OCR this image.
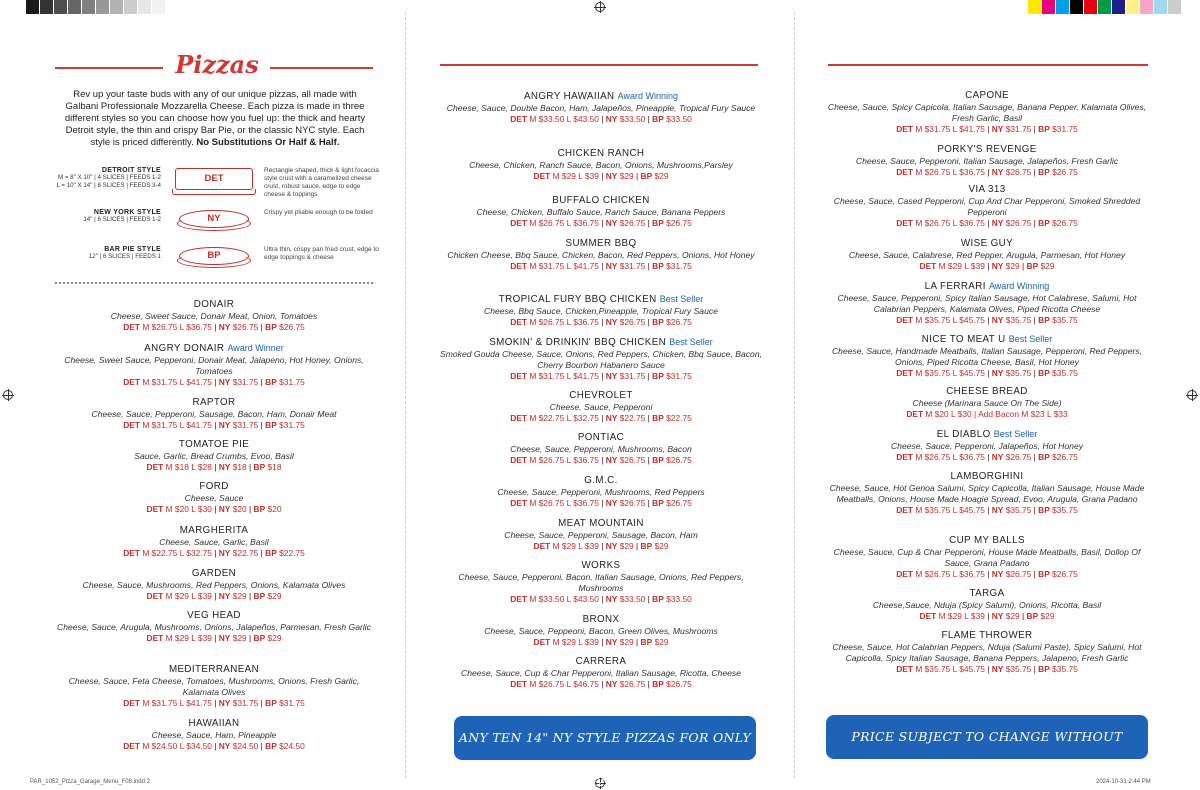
Pizzas
Rev up your taste buds with any of our unique pizzas, all made with Galbani Professionale Mozzarella Cheese. Each pizza is made in three different styles so you can choose how you fuel up: the thick and hearty Detroit style, the thin and crispy Bar Pie, or the classic NYC style. Each style is priced differently. No Substitutions Or Half & Half.
DETROIT STYLE
M = 8" X 10" | 4 SLICES | FEEDS 1-2
L = 10" X 14" | 8 SLICES | FEEDS 3-4
DET
Rectangle shaped, thick & light focaccia style crust with a caramelized cheese crust, robust sauce, edge to edge cheese & toppings
NEW YORK STYLE
14" | 6 SLICES | FEEDS 1-2	NY
Crispy yet pliable enough to be folded
BAR PIE STYLE
12" | 6 SLICES | FEEDS 1	BP
Ultra thin, crispy pan fried crust, edge to edge toppings & cheese
DONAIR
Cheese, Sweet Sauce, Donair Meat, Onion, Tomatoes
DET M $26.75 L $36.75 | NY $26.75 | BP $26.75
ANGRY DONAIR Award Winner
Cheese, Sweet Sauce, Pepperoni, Donair Meat, Jalapeno, Hot Honey, Onions, Tomatoes
DET M $31.75 L $41.75 | NY $31.75 | BP $31.75
RAPTOR
Cheese, Sauce, Pepperoni, Sausage, Bacon, Ham, Donair Meat
DET M $31.75 L $41.75 | NY $31.75 | BP $31.75
TOMATOE PIE
Sauce, Garlic, Bread Crumbs, Evoo, Basil
DET M $18 L $28 | NY $18 | BP $18
FORD
Cheese, Sauce
DET M $20 L $30 | NY $20 | BP $20
MARGHERITA
Cheese, Sauce, Garlic, Basil
DET M $22.75 L $32.75 | NY $22.75 | BP $22.75
GARDEN
Cheese, Sauce, Mushrooms, Red Peppers, Onions, Kalamata Olives
DET M $29 L $39 | NY $29 | BP $29
VEG HEAD
Cheese, Sauce, Arugula, Mushrooms, Onions, Jalapeños, Parmesan, Fresh Garlic
DET M $29 L $39 | NY $29 | BP $29
MEDITERRANEAN
Cheese, Sauce, Feta Cheese, Tomatoes, Mushrooms, Onions, Fresh Garlic, Kalamata Olives
DET M $31.75 L $41.75 | NY $31.75 | BP $31.75
HAWAIIAN
Cheese, Sauce, Ham, Pineapple
DET M $24.50 L $34.50 | NY $24.50 | BP $24.50
ANGRY HAWAIIAN Award Winning
Cheese, Sauce, Double Bacon, Ham, Jalapeños, Pineapple, Tropical Fury Sauce
DET M $33.50 L $43.50 | NY $33.50 | BP $33.50
CHICKEN RANCH
Cheese, Chicken, Ranch Sauce, Bacon, Onions, Mushrooms,Parsley
DET M $29 L $39 | NY $29 | BP $29
BUFFALO CHICKEN
Cheese, Chicken, Buffalo Sauce, Ranch Sauce, Banana Peppers
DET M $26.75 L $36.75 | NY $26.75 | BP $26.75
SUMMER BBQ
Chicken Cheese, Bbq Sauce, Chicken, Bacon, Red Peppers, Onions, Hot Honey
DET M $31.75 L $41.75 | NY $31.75 | BP $31.75
TROPICAL FURY BBQ CHICKEN Best Seller
Cheese, Bbq Sauce, Chicken,Pineapple, Tropical Fury Sauce
DET M $26.75 L $36.75 | NY $26.75 | BP $26.75
SMOKIN' & DRINKIN' BBQ CHICKEN Best Seller
Smoked Gouda Cheese, Sauce, Onions, Red Peppers, Chicken, Bbq Sauce, Bacon, Cherry Bourbon Habanero Sauce
DET M $31.75 L $41.75 | NY $31.75 | BP $31.75
CHEVROLET
Cheese, Sauce, Pepperoni
DET M $22.75 L $32.75 | NY $22.75 | BP $22.75
PONTIAC
Cheese, Sauce, Pepperoni, Mushrooms, Bacon
DET M $26.75 L $36.75 | NY $26.75 | BP $26.75
G.M.C.
Cheese, Sauce, Pepperoni, Mushrooms, Red Peppers
DET M $26.75 L $36.75 | NY $26.75 | BP $26.75
MEAT MOUNTAIN
Cheese, Sauce, Pepperoni, Sausage, Bacon, Ham
DET M $29 L $39 | NY $29 | BP $29
WORKS
Cheese, Sauce, Pepperoni, Bacon, Italian Sausage, Onions, Red Peppers, Mushrooms
DET M $33.50 L $43.50 | NY $33.50 | BP $33.50
BRONX
Cheese, Sauce, Peppeoni, Bacon, Green Olives, Mushrooms
DET M $29 L $39 | NY $29 | BP $29
CARRERA
Cheese, Sauce, Cup & Char Pepperoni, Italian Sausage, Ricotta, Cheese
DET M $26.75 L $46.75 | NY $26.75 | BP $26.75
CAPONE
Cheese, Sauce, Spicy Capicola, Italian Sausage, Banana Pepper, Kalamata Olives, Fresh Garlic, Basil
DET M $31.75 L $41.75 | NY $31.75 | BP $31.75
PORKY'S REVENGE
Cheese, Sauce, Pepperoni, Italian Sausage, Jalapeños, Fresh Garlic
DET M $26.75 L $36.75 | NY $26.75 | BP $26.75
VIA 313
Cheese, Sauce, Cased Pepperoni, Cup And Char Pepperoni, Smoked Shredded Pepperoni
DET M $26.75 L $36.75 | NY $26.75 | BP $26.75
WISE GUY
Cheese, Sauce, Calabrese, Red Pepper, Arugula, Parmesan, Hot Honey
DET M $29 L $39 | NY $29 | BP $29
LA FERRARI Award Winning
Cheese, Sauce, Pepperoni, Spicy Italian Sausage, Hot Calabrese, Salumi, Hot Calabrian Peppers, Kalamata Olives, Piped Ricotta Cheese
DET M $35.75 L $45.75 | NY $35.75 | BP $35.75
NICE TO MEAT U Best Seller
Cheese, Sauce, Handmade Meatballs, Italian Sausage, Pepperoni, Red Peppers, Onions, Piped Ricotta Cheese, Basil, Hot Honey
DET M $35.75 L $45.75 | NY $35.75 | BP $35.75
CHEESE BREAD
Cheese (Marinara Sauce On The Side)
DET M $20 L $30 | Add Bacon M $23 L $33
EL DIABLO Best Seller
Cheese, Sauce, Pepperoni, Jalapeños, Hot Honey
DET M $26.75 L $36.75 | NY $26.75 | BP $26.75
LAMBORGHINI
Cheese, Sauce, Hot Genoa Salumi, Spicy Capicolla, Italian Sausage, House Made Meatballs, Onions, House Made Hoagie Spread, Evoo, Arugula, Grana Padano
DET M $35.75 L $45.75 | NY $35.75 | BP $35.75
CUP MY BALLS
Cheese, Sauce, Cup & Char Pepperoni, House Made Meatballs, Basil, Dollop Of Sauce, Grana Padano
DET M $26.75 L $36.75 | NY $26.75 | BP $26.75
TARGA
Cheese,Sauce, Nduja (Spicy Salumi), Onions, Ricotta, Basil
DET M $29 L $39 | NY $29 | BP $29
FLAME THROWER
Cheese, Sauce, Hot Calabrian Peppers, Nduja (Salumi Paste), Spicy Salumi, Hot Capicolla, Spicy Italian Sausage, Banana Peppers, Jalapeno, Fresh Garlic
DET M $35.75 L $45.75 | NY $35.75 | BP $35.75
ANY TEN 14" NY STYLE PIZZAS FOR ONLY $250
PRICE SUBJECT TO CHANGE WITHOUT NOTICE
PAR_1052_Pizza_Garage_Menu_F08.indd 2	2024-10-31 2:44 PM
